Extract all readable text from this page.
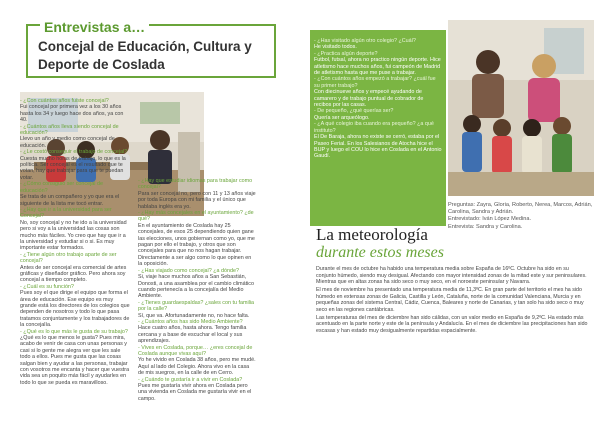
Entrevistas a…
Concejal de Educación, Cultura y Deporte de Coslada

- ¿Con cuántos años fuiste concejal?

Fui concejal por primera vez a los 30 años hasta los 34 y luego hace dos años, ya con 40.

- ¿Cuántos años lleva siendo concejal de educación?

Llevo un año y medio como concejal de educación.

- ¿Le costó conseguir el trabajo de concejal?

Cuesta mucho horas de trabajo, lo que es la política. Ser concejal es el resultado que te votan, hay que trabajar para que te puedan votar.

- ¿Cómo consiguió ser concejal de educación?

Se trata de un compañero y yo que era el siguiente de la lista me tocó entrar.

- ¿Hay que ir a la universidad para ser Concejal?

No, soy concejal y no he ido a la universidad pero si voy a la universidad las cosas son mucho más fáciles. Yo creo que hay que ir a la universidad y estudiar si o si. Es muy importante estar formados.

- ¿Tiene algún otro trabajo aparte de ser concejal?

Antes de ser concejal era comercial de artes gráficas y diseñador gráfico. Pero ahora soy concejal a tiempo completo.

- ¿Cuál es su función?

Pues soy el que dirige el equipo que forma el área de educación. Ese equipo es muy grande está los directores de los colegios que dependen de nosotros y todo lo que pasa tratamos conjuntamente y los trabajadores de la concejalía.

- ¿Qué es lo que más le gusta de su trabajo?

¿Qué es lo que menos le gusta? Pues mira, acabo de venir de casa con unas personas y casi si lo gente me alegra ver que les sale todo a ellos. Pues me gusta que las cosas salgan bien y ayudar a las personas, trabajar con vosotros me encanta y hacer que vuestra vida sea un poquito más fácil y ayudarles en todo lo que se pueda es maravilloso.

- ¿Hay que estudiar idiomas para trabajar como concejal?

Para ser concejal no, pero con 11 y 13 años viaje por toda Europa con mi familia y el único que hablaba inglés era yo.

- ¿Hay más concejales en el ayuntamiento? ¿de qué?

En el ayuntamiento de Coslada hay 25 concejales, de esos 25 dependiendo quien gane las elecciones, unos gobiernan como yo, que me pagan por ello el trabajo, y otros que son concejales para que no nos hagan trabajar. Directamente a ser algo como lo que opinen en la oposición.

- ¿Has viajado como concejal? ¿a dónde?

Si, viaje hace muchos años a San Sebastián, Donosti, a una asamblea por el cambio climático cuando pertenecía a la concejalía del Medio Ambiente.

- ¿Tienes guardaespaldas? ¿sales con tu familia por la calle?

Sí, que va. Afortunadamente no, no hace falta.

- ¿Cuántos años has sido Medio Ambiente?

Hace cuatro años, hasta ahora. Tengo familia cercana y a base de escuchar el local y sus aprendizajes.

- Vives en Coslada, porque… ¿eres concejal de Coslada aunque vivas aquí?

Yo he vivido en Coslada 38 años, pero me mudé. Aquí al lado del Colegio. Ahora vivo en la casa de mis suegros, en la calle de en Cerro.

- ¿Cuándo te gustaría ir a vivir en Coslada?

Pues me gustaría vivir ahora en Coslada pero una vivienda en Coslada me gustaría vivir en el campo.

- ¿Has visitado algún otro colegio? ¿Cuál?

He visitado todos.

- ¿Practica algún deporte?

Futbol, futsal, ahora no practico ningún deporte. Hice atletismo hace muchos años, fui campeón de Madrid de atletismo hasta que me puse a trabajar.

- ¿Con cuántos años empezó a trabajar? ¿cuál fue su primer trabajo?

Con diecinueve años y empecé ayudando de camarero y de trabajo puntual de cobrador de recibos por las casas.

- De pequeño, ¿qué querías ser?

Quería ser arqueólogo.

- ¿A qué colegio iba cuando era pequeño? ¿a qué instituto?

El De Baraja, ahora no existe se cerró, estaba por el Paseo Ferial. En los Salesianos de Atocha hice el BUP y luego el COU lo hice en Coslada en el Antonio Gaudí.

Preguntas: Zayra, Gloria, Roberto, Nerea, Marcos, Adrián, Carolina, Sandra y Adrián.

Entrevistado: Iván López Medina.

Entrevista: Sandra y Carolina.

La meteorología
durante estos meses

Durante el mes de octubre ha habido una temperatura media sobre España de 16ºC. Octubre ha sido en su conjunto húmedo, siendo muy desigual. Afectando con mayor intensidad zonas de la mitad este y sur peninsulares. Mientras que en altas zonas ha sido seco o muy seco, en el noroeste peninsular y Navarra.

El mes de noviembre ha presentado una temperatura media de 11,3ºC. En gran parte del territorio el mes ha sido húmedo en extensas zonas de Galicia, Castilla y León, Cataluña, norte de la comunidad Valenciana, Murcia y en pequeñas zonas del sistema Central, Cádiz, Cuenca, Baleares y norte de Canarias, y tan solo ha sido seco o muy seco en las regiones cantábricas.

Las temperaturas del mes de diciembre han sido cálidas, con un valor medio en España de 9,2ºC. Ha estado más acentuado en la parte norte y este de la península y Andalucía. En el mes de diciembre las precipitaciones han sido escasas y han estado muy desigualmente repartidas espacialmente.
